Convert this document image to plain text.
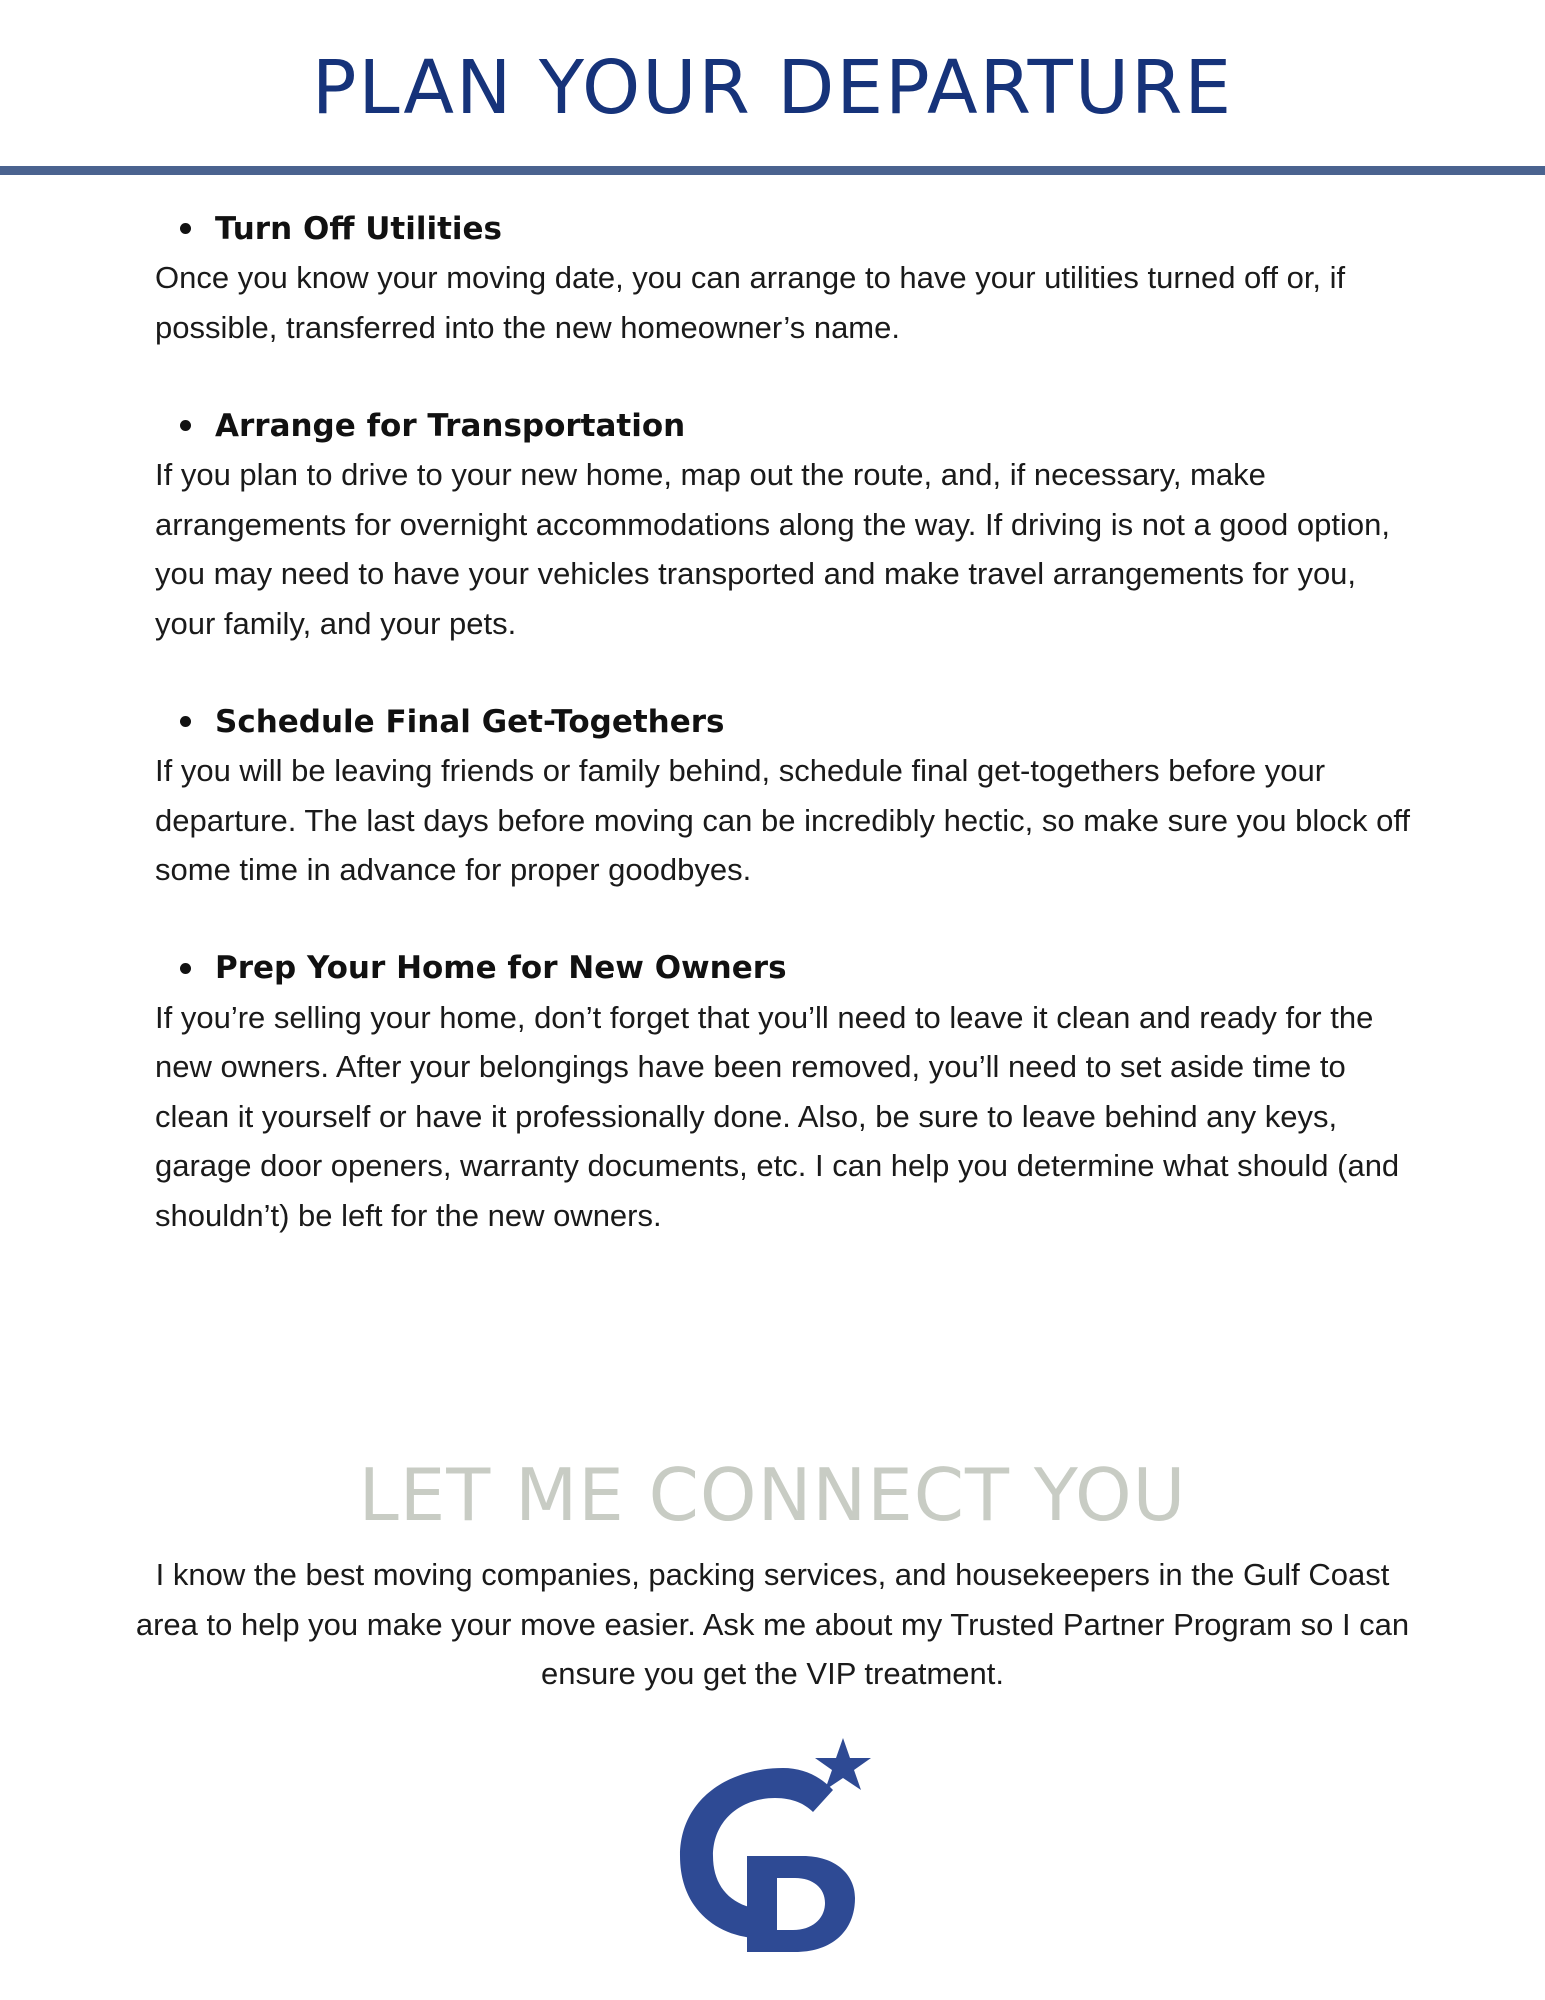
PLAN YOUR DEPARTURE
Turn Off Utilities

Once you know your moving date, you can arrange to have your utilities turned off or, if possible, transferred into the new homeowner’s name.

Arrange for Transportation

If you plan to drive to your new home, map out the route, and, if necessary, make arrangements for overnight accommodations along the way. If driving is not a good option, you may need to have your vehicles transported and make travel arrangements for you, your family, and your pets.

Schedule Final Get-Togethers

If you will be leaving friends or family behind, schedule final get-togethers before your departure. The last days before moving can be incredibly hectic, so make sure you block off some time in advance for proper goodbyes.

Prep Your Home for New Owners

If you’re selling your home, don’t forget that you’ll need to leave it clean and ready for the new owners. After your belongings have been removed, you’ll need to set aside time to clean it yourself or have it professionally done. Also, be sure to leave behind any keys, garage door openers, warranty documents, etc. I can help you determine what should (and shouldn’t) be left for the new owners.

LET ME CONNECT YOU

I know the best moving companies, packing services, and housekeepers in the Gulf Coast area to help you make your move easier. Ask me about my Trusted Partner Program so I can ensure you get the VIP treatment.
